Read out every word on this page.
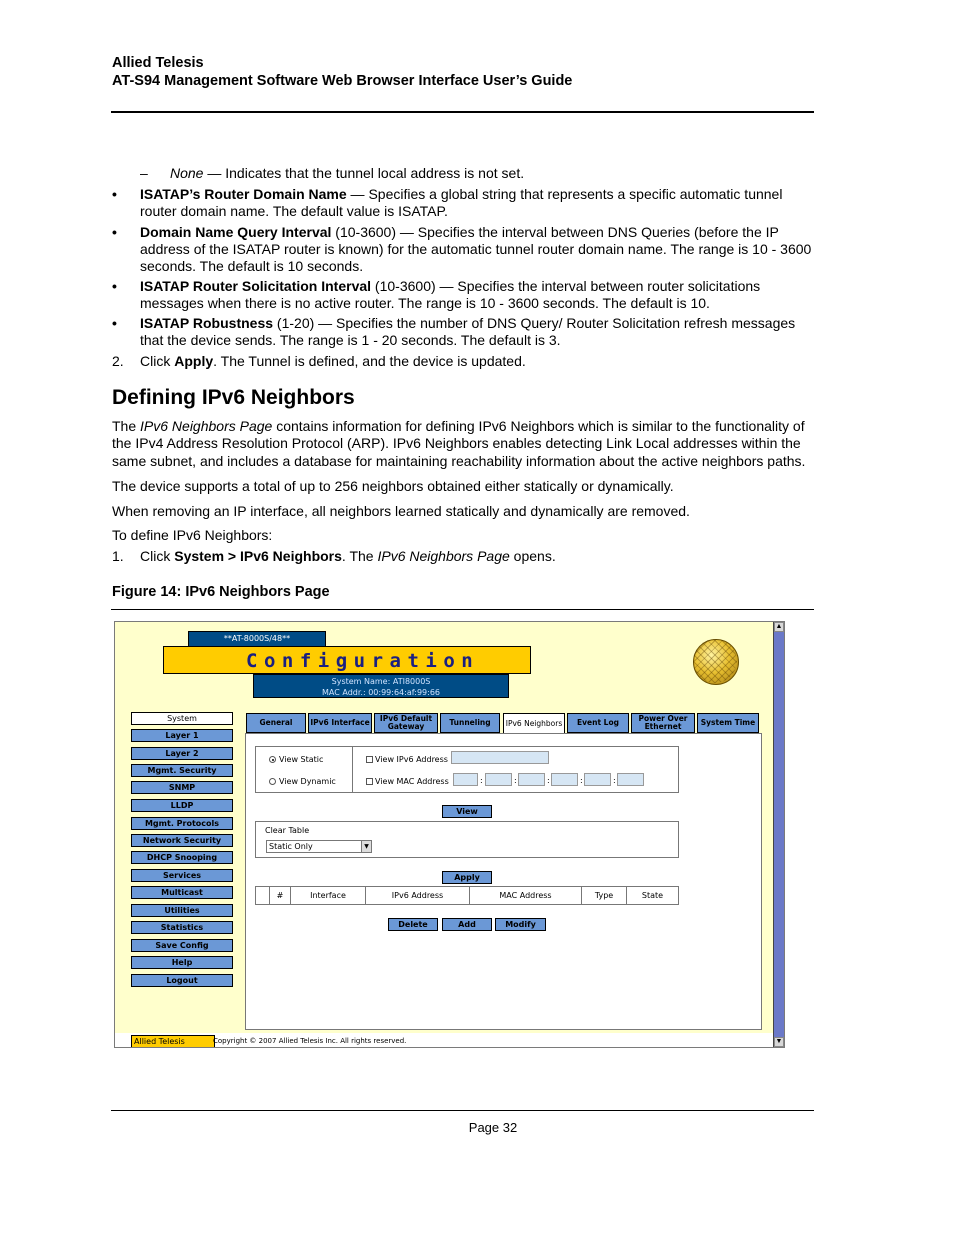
Allied Telesis
AT-S94 Management Software Web Browser Interface User’s Guide
– None — Indicates that the tunnel local address is not set.
• ISATAP’s Router Domain Name — Specifies a global string that represents a specific automatic tunnel
router domain name. The default value is ISATAP.
• Domain Name Query Interval (10-3600) — Specifies the interval between DNS Queries (before the IP
address of the ISATAP router is known) for the automatic tunnel router domain name. The range is 10 - 3600
seconds. The default is 10 seconds.
• ISATAP Router Solicitation Interval (10-3600) — Specifies the interval between router solicitations
messages when there is no active router. The range is 10 - 3600 seconds. The default is 10.
• ISATAP Robustness (1-20) — Specifies the number of DNS Query/ Router Solicitation refresh messages
that the device sends. The range is 1 - 20 seconds. The default is 3.
2. Click Apply. The Tunnel is defined, and the device is updated.
Defining IPv6 Neighbors
The IPv6 Neighbors Page contains information for defining IPv6 Neighbors which is similar to the functionality of
the IPv4 Address Resolution Protocol (ARP). IPv6 Neighbors enables detecting Link Local addresses within the
same subnet, and includes a database for maintaining reachability information about the active neighbors paths.
The device supports a total of up to 256 neighbors obtained either statically or dynamically.
When removing an IP interface, all neighbors learned statically and dynamically are removed.
To define IPv6 Neighbors:
1. Click System > IPv6 Neighbors. The IPv6 Neighbors Page opens.
Figure 14: IPv6 Neighbors Page
**AT-8000S/48**
Configuration
System Name: ATI8000S
MAC Addr.: 00:99:64:af:99:66
System
Layer 1
Layer 2
Mgmt. Security
SNMP
LLDP
Mgmt. Protocols
Network Security
DHCP Snooping
Services
Multicast
Utilities
Statistics
Save Config
Help
Logout
General	IPv6 Interface	IPv6 Default Gateway	Tunneling	IPv6 Neighbors	Event Log	Power Over Ethernet	System Time
View Static
View Dynamic
View IPv6 Address
View MAC Address	:	:	:	:	:
View
Clear Table
Static Only	▼
Apply
#	Interface	IPv6 Address	MAC Address	Type	State
Delete	Add	Modify
Allied Telesis	Copyright © 2007 Allied Telesis Inc. All rights reserved.
▲
▼
Page 32
